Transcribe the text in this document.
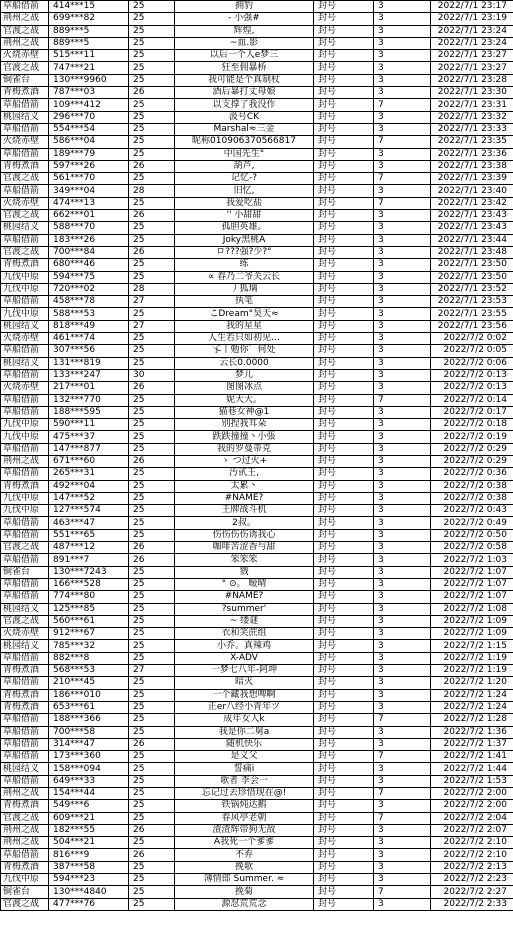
草船借箭	414***15	25	拥豹	封号	3	2022/7/1 23:17
荆州之战	699***82	25	- 小强#	封号	3	2022/7/1 23:19
官渡之战	889***5	25	辉煌,	封号	3	2022/7/1 23:24
荆州之战	889***5	25	~血.影	封号	3	2022/7/1 23:24
火烧赤壁	515***11	25	以后一个人e梦三	封号	3	2022/7/1 23:27
官渡之战	747***21	25	狂至佣暴桥	封号	3	2022/7/1 23:27
铜雀台	130***9960	25	我可能是个真制杖	封号	3	2022/7/1 23:28
青梅煮酒	787***03	26	酒后暴打丈母娘	封号	3	2022/7/1 23:30
草船借箭	109***412	25	以支撑了我没作	封号	7	2022/7/1 23:31
桃园结义	296***70	25	汲号CK	封号	3	2022/7/1 23:32
草船借箭	554***54	25	Marshal≈三金	封号	3	2022/7/1 23:33
火烧赤壁	586***04	25	昵称010906370566817	封号	7	2022/7/1 23:35
草船借箭	189***79	25	中国先生°	封号	3	2022/7/1 23:36
青梅煮酒	597***26	26	葫芦,	封号	3	2022/7/1 23:38
官渡之战	561***70	25	记忆-?	封号	7	2022/7/1 23:39
草船借箭	349***04	28	旧忆,	封号	3	2022/7/1 23:40
火烧赤壁	474***13	25	我爱吃盐	封号	7	2022/7/1 23:42
官渡之战	662***01	26	'' 小甜甜	封号	3	2022/7/1 23:43
桃园结义	588***70	25	孤胆英雄。	封号	3	2022/7/1 23:43
草船借箭	183***26	25	Joky黑桃A	封号	3	2022/7/1 23:44
官渡之战	700***84	26	ロ???强?少?°	封号	3	2022/7/1 23:48
青梅煮酒	680***46	25	练	封号	3	2022/7/1 23:50
九伐中原	594***75	25	∝ 春乃二爷关云长	封号	3	2022/7/1 23:50
九伐中原	720***02	28	丿狐璃	封号	3	2022/7/1 23:52
草船借箭	458***78	27	执笔	封号	3	2022/7/1 23:53
九伐中原	588***53	25	こDream°昊天≈	封号	3	2022/7/1 23:55
桃园结义	818***49	27	我的星星	封号	3	2022/7/1 23:56
火烧赤壁	461***74	25	人生若只如初见…	封号	3	2022/7/2 0:02
草船借箭	307***56	25	孓丨勉你゛何处	封号	3	2022/7/2 0:05
桃园结义	131***819	25	云长0.0000	封号	3	2022/7/2 0:06
草船借箭	133***247	30	梦儿	封号	3	2022/7/2 0:13
火烧赤壁	217***01	26	图图冰点	封号	3	2022/7/2 0:13
草船借箭	132***770	25	妮大大。	封号	7	2022/7/2 0:14
草船借箭	188***595	25	猫巷女神@1	封号	3	2022/7/2 0:17
九伐中原	590***11	25	别捏我耳朵	封号	3	2022/7/2 0:18
九伐中原	475***37	25	跌跌撞撞丶小張	封号	3	2022/7/2 0:19
草船借箭	147***877	25	我的罗曼蒂克	封号	3	2022/7/2 0:29
荆州之战	671***60	26	ゝ つ过火+	封号	3	2022/7/2 0:29
草船借箭	265***31	25	汚甙王,	封号	3	2022/7/2 0:36
青梅煮酒	492***04	25	太累丶	封号	3	2022/7/2 0:38
九伐中原	147***52	25	#NAME?	封号	3	2022/7/2 0:38
九伐中原	127***574	25	王牌战斗机	封号	3	2022/7/2 0:43
草船借箭	463***47	25	2叔。	封号	3	2022/7/2 0:49
草船借箭	551***65	25	伤伤伤伤诱我心	封号	3	2022/7/2 0:50
官渡之战	487***12	26	咖啡苦涩香与甜	封号	3	2022/7/2 0:58
草船借箭	891***7	26	笨笨笨	封号	3	2022/7/2 1:03
铜雀台	130***7243	25	戮	封号	3	2022/7/2 1:07
草船借箭	166***528	25	° ⊙。 暧晴	封号	3	2022/7/2 1:07
草船借箭	774***80	25	#NAME?	封号	3	2022/7/2 1:07
桃园结义	125***85	25	?summer'	封号	3	2022/7/2 1:08
官渡之战	560***61	25	~ 缕谜	封号	3	2022/7/2 1:09
火烧赤壁	912***67	25	衣和笑蔗组	封号	3	2022/7/2 1:09
桃园结义	785***32	25	小乔。真辣鸡	封号	3	2022/7/2 1:15
草船借箭	882***8	25	X-ADV	封号	3	2022/7/2 1:19
青梅煮酒	568***53	27	一梦七八年-阿坤	封号	3	2022/7/2 1:19
草船借箭	210***45	25	暗灭	封号	3	2022/7/2 1:20
青梅煮酒	186***010	25	一个藏我想啤啊	封号	3	2022/7/2 1:24
青梅煮酒	653***61	25	正er八经小青年ツ	封号	3	2022/7/2 1:24
草船借箭	188***366	25	成年女人k	封号	7	2022/7/2 1:28
草船借箭	700***58	25	我是你二舅a	封号	3	2022/7/2 1:36
草船借箭	314***47	26	随机快乐	封号	3	2022/7/2 1:37
草船借箭	173***360	25	是义父	封号	7	2022/7/2 1:41
桃园结义	158***094	25	誓痛i	封号	3	2022/7/2 1:44
草船借箭	649***33	25	歌者 李会一	封号	3	2022/7/2 1:53
荆州之战	154***44	25	忘记过去珍惜现在@!	封号	7	2022/7/2 2:00
青梅煮酒	549***6	25	铁锅炖达鹅	封号	3	2022/7/2 2:00
官渡之战	609***21	25	春风亭老朝	封号	7	2022/7/2 2:04
荆州之战	182***55	26	渣渣辉带狗无敌	封号	3	2022/7/2 2:07
荆州之战	504***21	25	A我死一个爹爹	封号	3	2022/7/2 2:10
草船借箭	816***9	26	不弃	封号	3	2022/7/2 2:10
青梅煮酒	387***58	25	挽歌	封号	3	2022/7/2 2:13
九伐中原	594***23	25	薄情郎 Summer. ≈	封号	3	2022/7/2 2:23
铜雀台	130***4840	25	挽菊	封号	7	2022/7/2 2:27
官渡之战	477***76	25	源怼荒荒念	封号	3	2022/7/2 2:33
